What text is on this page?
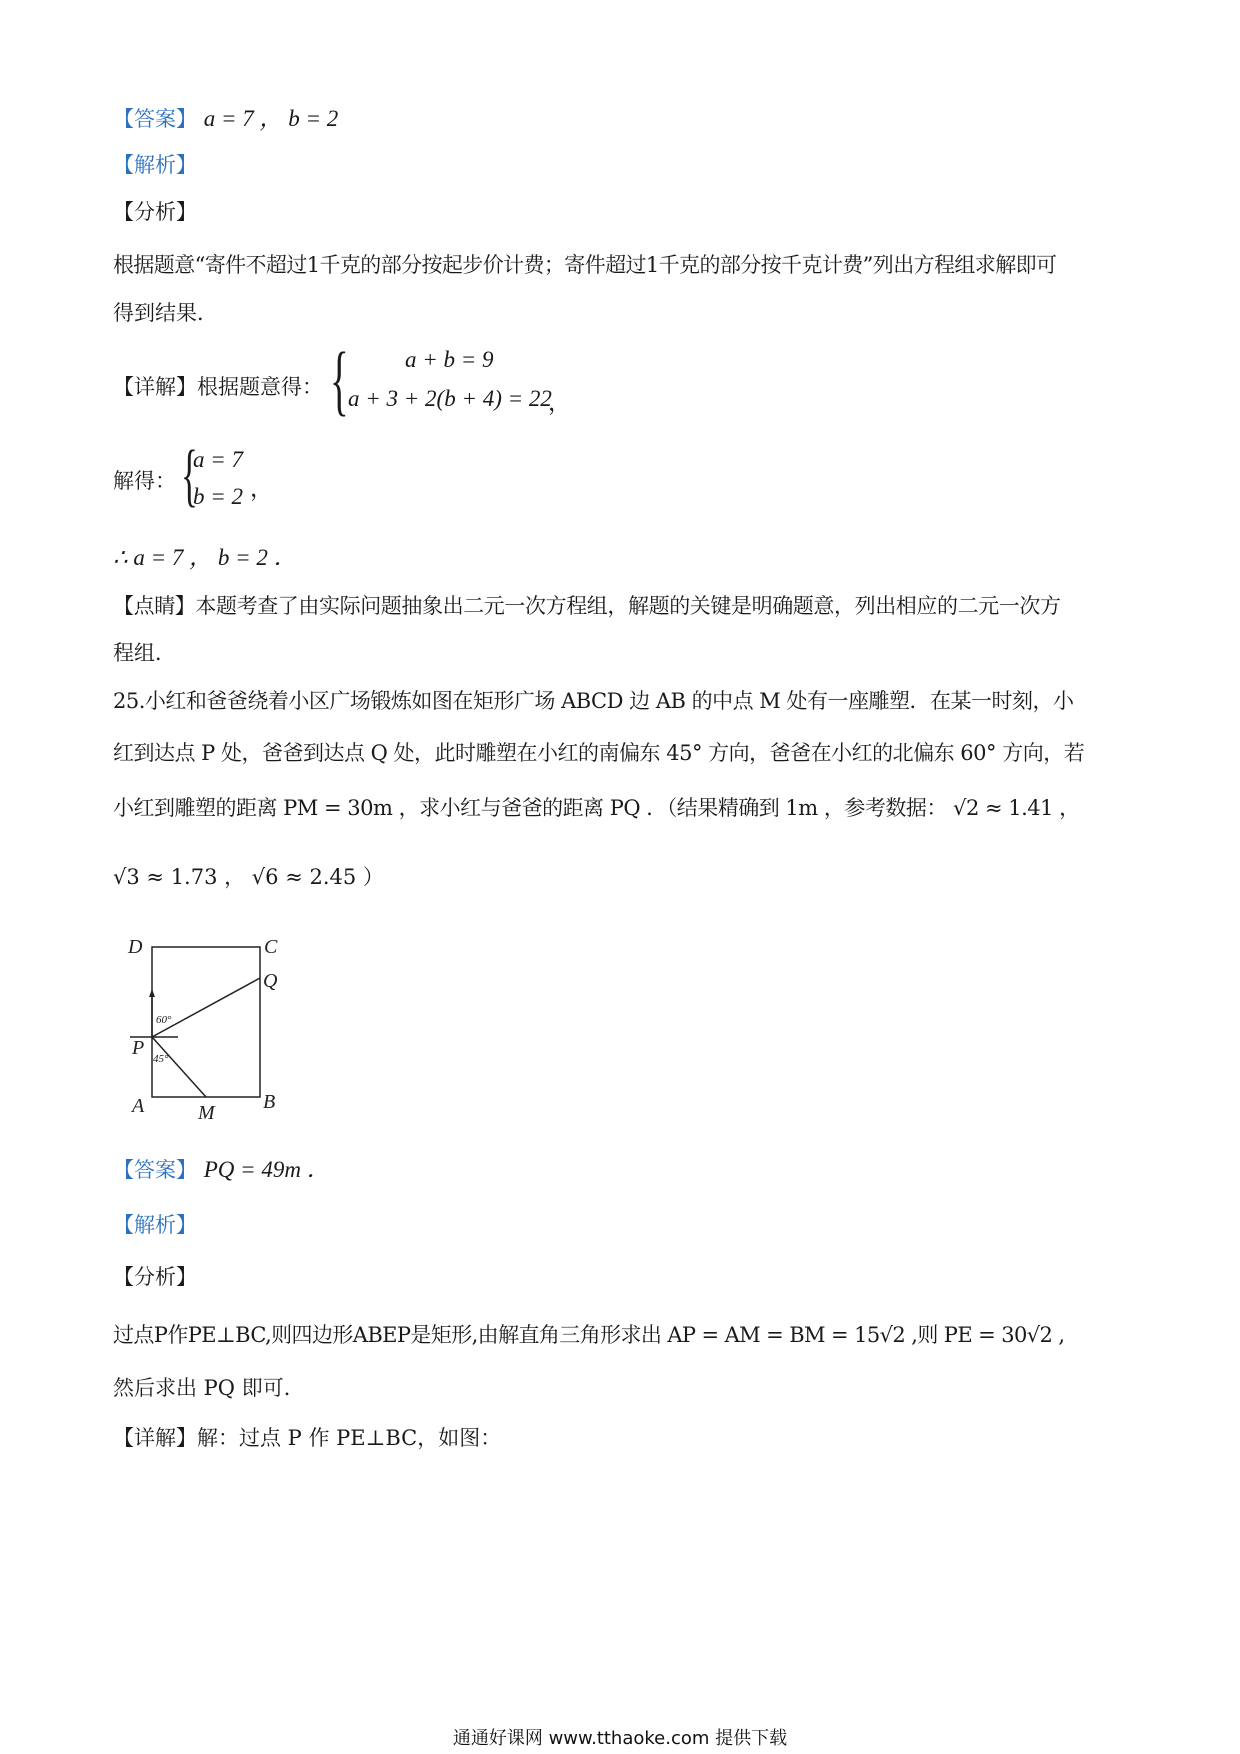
【答案】 a = 7 ， b = 2
【解析】
【分析】
根据题意“寄件不超过1千克的部分按起步价计费；寄件超过1千克的部分按千克计费”列出方程组求解即可
得到结果．
【详解】根据题意得： { a + b = 9
a + 3 + 2(b + 4) = 22
，
解得： {
a = 7
b = 2 ，
∴ a = 7 ， b = 2 ．
【点睛】本题考查了由实际问题抽象出二元一次方程组，解题的关键是明确题意，列出相应的二元一次方
程组．
25.小红和爸爸绕着小区广场锻炼如图在矩形广场 ABCD 边 AB 的中点 M 处有一座雕塑．在某一时刻，小
红到达点 P 处，爸爸到达点 Q 处，此时雕塑在小红的南偏东 45° 方向，爸爸在小红的北偏东 60° 方向，若
小红到雕塑的距离 PM = 30m ，求小红与爸爸的距离 PQ ．（结果精确到 1m ，参考数据： √2 ≈ 1.41 ，
√3 ≈ 1.73 ， √6 ≈ 2.45 ）
D	C
Q
P
A	B
M
60°
45°
【答案】 PQ = 49m ．
【解析】
【分析】
过点P作PE⊥BC,则四边形ABEP是矩形,由解直角三角形求出 AP = AM = BM = 15√2 ,则 PE = 30√2 ,
然后求出 PQ 即可．
【详解】解：过点 P 作 PE⊥BC，如图：
通通好课网 www.tthaoke.com 提供下载
